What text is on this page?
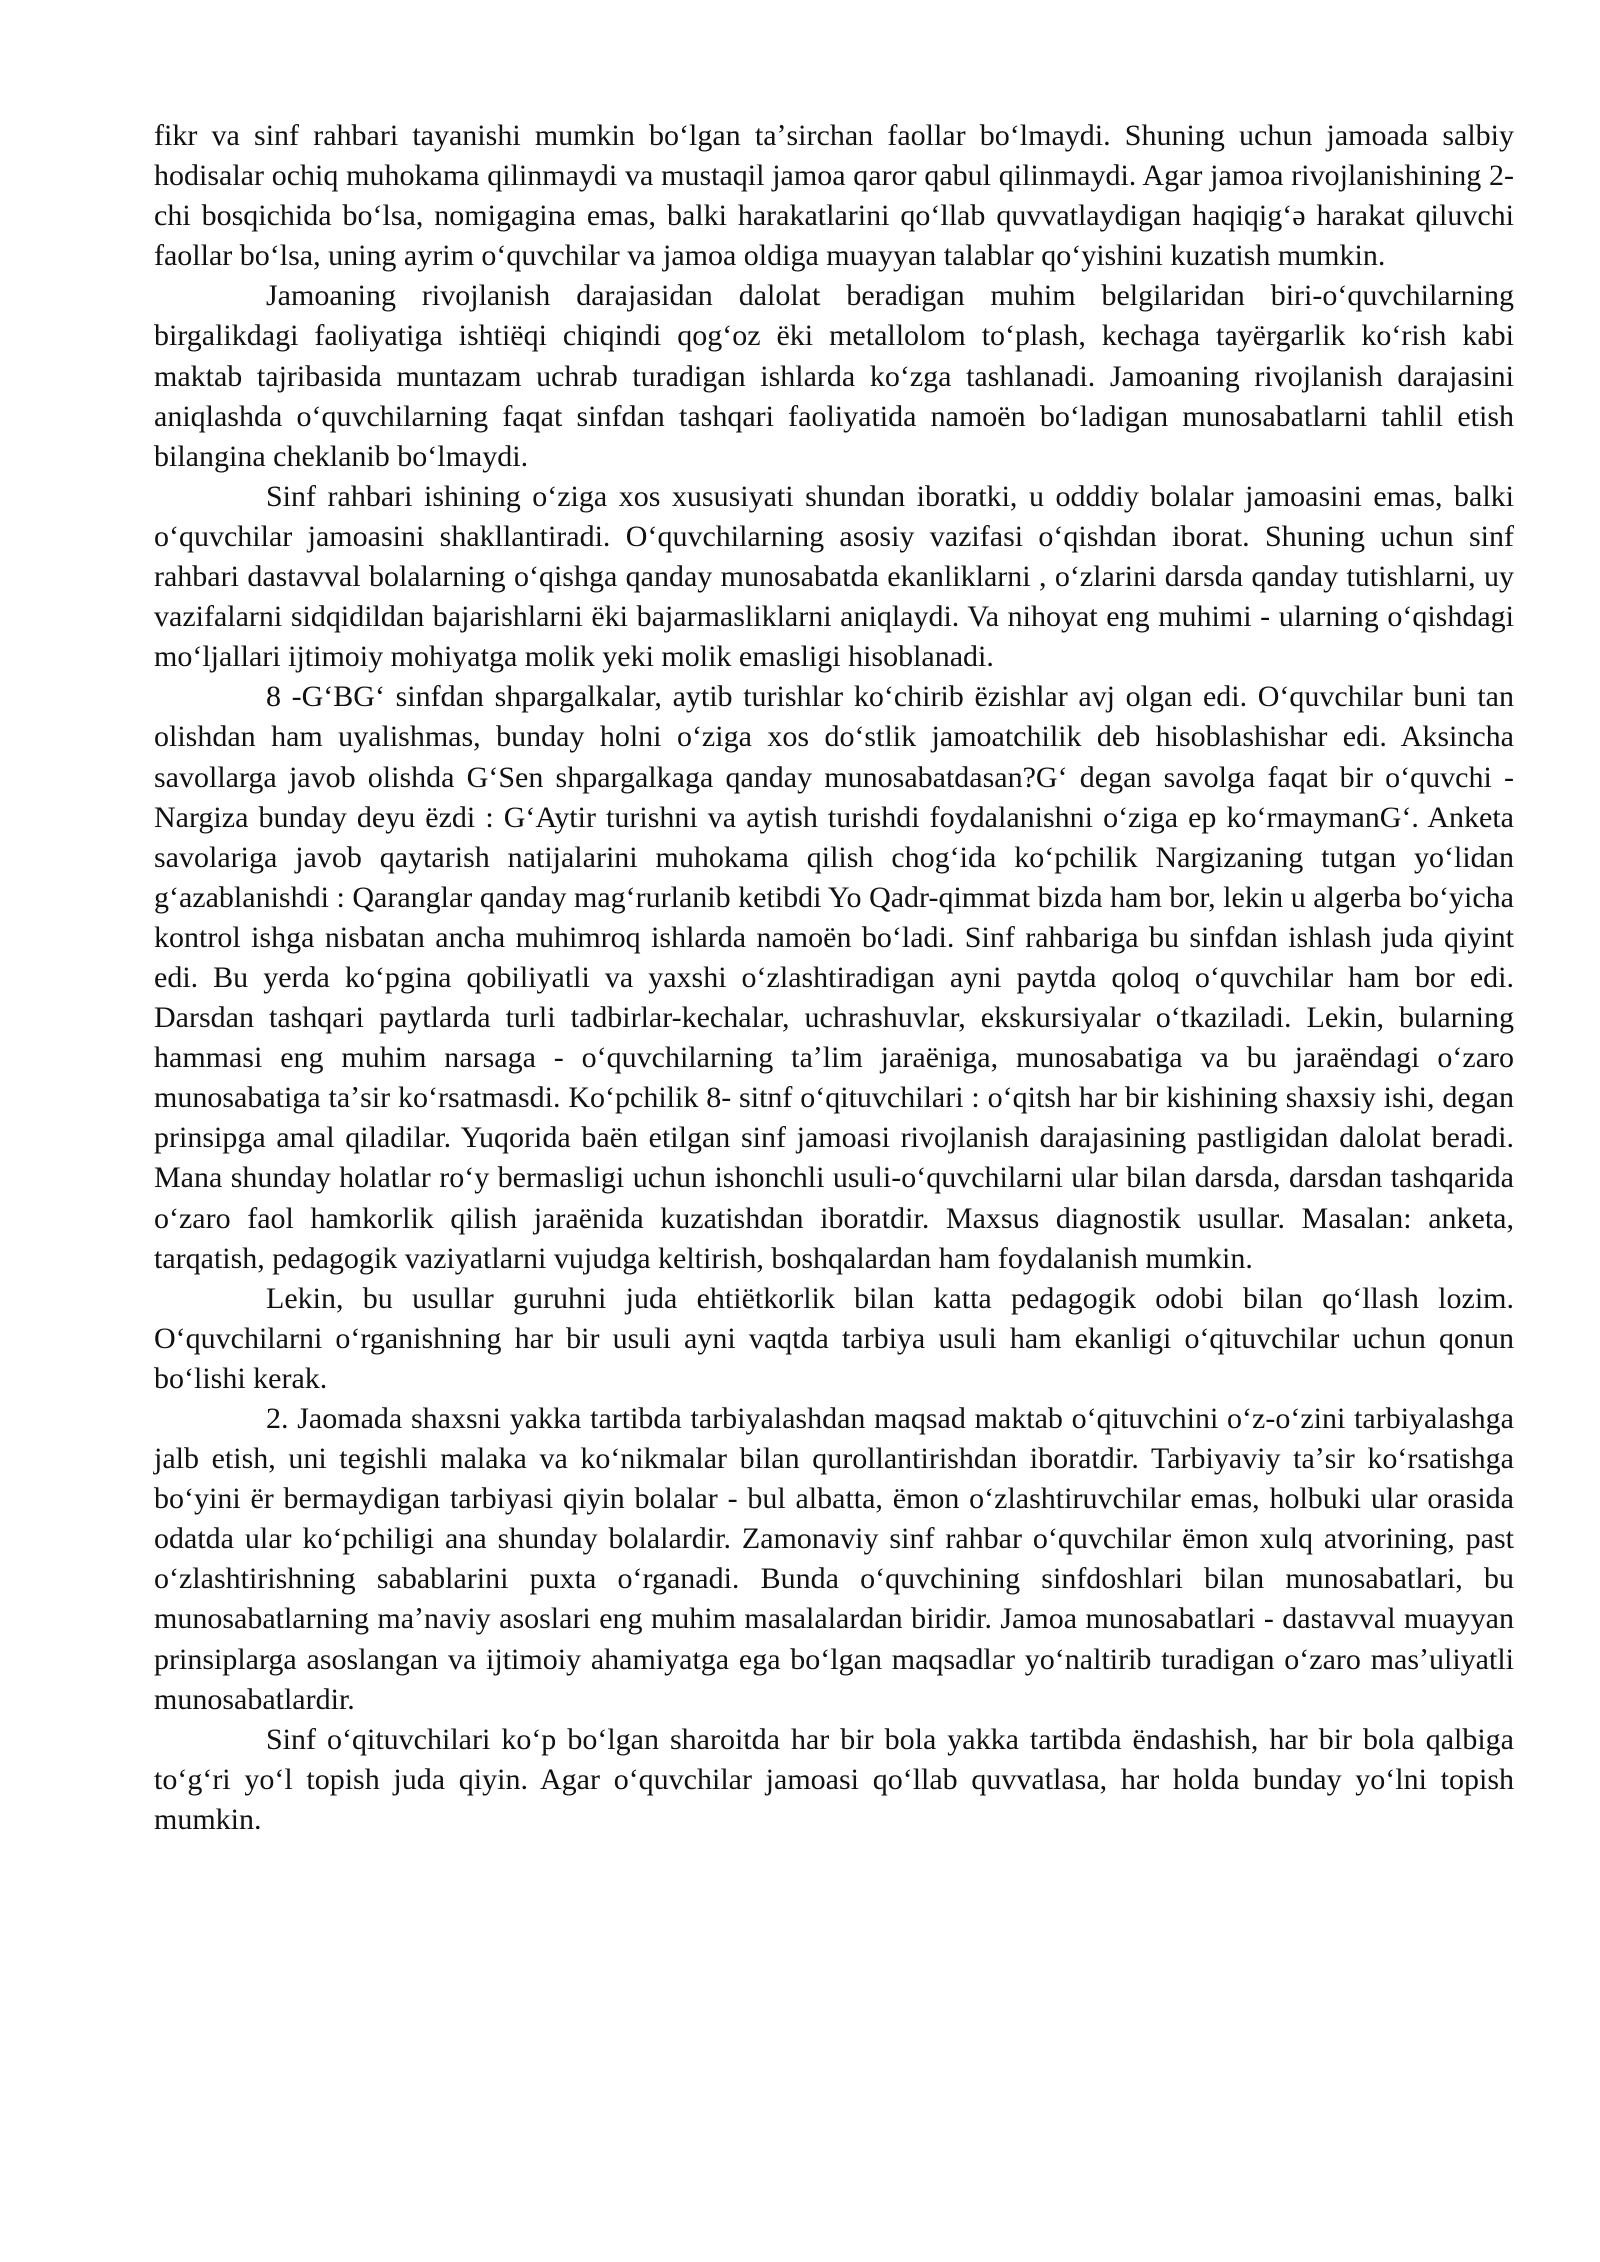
fikr va sinf rahbari tayanishi mumkin boʻlgan taʼsirchan faollar boʻlmaydi. Shuning uchun jamoada salbiy hodisalar ochiq muhokama qilinmaydi va mustaqil jamoa qaror qabul qilinmaydi. Agar jamoa rivojlanishining 2- chi bosqichida boʻlsa, nomigagina emas, balki harakatlarini qoʻllab quvvatlaydigan haqiqigʻə harakat qiluvchi faollar boʻlsa, uning ayrim oʻquvchilar va jamoa oldiga muayyan talablar qoʻyishini kuzatish mumkin.

Jamoaning rivojlanish darajasidan dalolat beradigan muhim belgilaridan biri-oʻquvchilarning birgalikdagi faoliyatiga ishtiëqi chiqindi qogʻoz ëki metallolom toʻplash, kechaga tayërgarlik koʻrish kabi maktab tajribasida muntazam uchrab turadigan ishlarda koʻzga tashlanadi. Jamoaning rivojlanish darajasini aniqlashda oʻquvchilarning faqat sinfdan tashqari faoliyatida namoën boʻladigan munosabatlarni tahlil etish bilangina cheklanib boʻlmaydi.

Sinf rahbari ishining oʻziga xos xususiyati shundan iboratki, u odddiy bolalar jamoasini emas, balki oʻquvchilar jamoasini shakllantiradi. Oʻquvchilarning asosiy vazifasi oʻqishdan iborat. Shuning uchun sinf rahbari dastavval bolalarning oʻqishga qanday munosabatda ekanliklarni , oʻzlarini darsda qanday tutishlarni, uy vazifalarni sidqidildan bajarishlarni ëki bajarmasliklarni aniqlaydi. Va nihoyat eng muhimi - ularning oʻqishdagi moʻljallari ijtimoiy mohiyatga molik yeki molik emasligi hisoblanadi.

8 -GʻBGʻ sinfdan shpargalkalar, aytib turishlar koʻchirib ëzishlar avj olgan edi. Oʻquvchilar buni tan olishdan ham uyalishmas, bunday holni oʻziga xos doʻstlik jamoatchilik deb hisoblashishar edi. Aksincha savollarga javob olishda GʻSen shpargalkaga qanday munosabatdasan?Gʻ degan savolga faqat bir oʻquvchi - Nargiza bunday deyu ëzdi : GʻAytir turishni va aytish turishdi foydalanishni oʻziga ep koʻrmaymanGʻ. Anketa savolariga javob qaytarish natijalarini muhokama qilish chogʻida koʻpchilik Nargizaning tutgan yoʻlidan gʻazablanishdi : Qaranglar qanday magʻrurlanib ketibdi Yo Qadr-qimmat bizda ham bor, lekin u algerba boʻyicha kontrol ishga nisbatan ancha muhimroq ishlarda namoën boʻladi. Sinf rahbariga bu sinfdan ishlash juda qiyint edi. Bu yerda koʻpgina qobiliyatli va yaxshi oʻzlashtiradigan ayni paytda qoloq oʻquvchilar ham bor edi. Darsdan tashqari paytlarda turli tadbirlar-kechalar, uchrashuvlar, ekskursiyalar oʻtkaziladi. Lekin, bularning hammasi eng muhim narsaga - oʻquvchilarning taʼlim jaraëniga, munosabatiga va bu jaraëndagi oʻzaro munosabatiga taʼsir koʻrsatmasdi. Koʻpchilik 8- sitnf oʻqituvchilari : oʻqitsh har bir kishining shaxsiy ishi, degan prinsipga amal qiladilar. Yuqorida baën etilgan sinf jamoasi rivojlanish darajasining pastligidan dalolat beradi. Mana shunday holatlar roʻy bermasligi uchun ishonchli usuli-oʻquvchilarni ular bilan darsda, darsdan tashqarida oʻzaro faol hamkorlik qilish jaraënida kuzatishdan iboratdir. Maxsus diagnostik usullar. Masalan: anketa, tarqatish, pedagogik vaziyatlarni vujudga keltirish, boshqalardan ham foydalanish mumkin.

Lekin, bu usullar guruhni juda ehtiëtkorlik bilan katta pedagogik odobi bilan qoʻllash lozim. Oʻquvchilarni oʻrganishning har bir usuli ayni vaqtda tarbiya usuli ham ekanligi oʻqituvchilar uchun qonun boʻlishi kerak.

2. Jaomada shaxsni yakka tartibda tarbiyalashdan maqsad maktab oʻqituvchini oʻz-oʻzini tarbiyalashga jalb etish, uni tegishli malaka va koʻnikmalar bilan qurollantirishdan iboratdir. Tarbiyaviy taʼsir koʻrsatishga boʻyini ër bermaydigan tarbiyasi qiyin bolalar - bul albatta, ëmon oʻzlashtiruvchilar emas, holbuki ular orasida odatda ular koʻpchiligi ana shunday bolalardir. Zamonaviy sinf rahbar oʻquvchilar ëmon xulq atvorining, past oʻzlashtirishning sabablarini puxta oʻrganadi. Bunda oʻquvchining sinfdoshlari bilan munosabatlari, bu munosabatlarning maʼnaviy asoslari eng muhim masalalardan biridir. Jamoa munosabatlari - dastavval muayyan prinsiplarga asoslangan va ijtimoiy ahamiyatga ega boʻlgan maqsadlar yoʻnaltirib turadigan oʻzaro masʼuliyatli munosabatlardir.

Sinf oʻqituvchilari koʻp boʻlgan sharoitda har bir bola yakka tartibda ëndashish, har bir bola qalbiga toʻgʻri yoʻl topish juda qiyin. Agar oʻquvchilar jamoasi qoʻllab quvvatlasa, har holda bunday yoʻlni topish mumkin.
